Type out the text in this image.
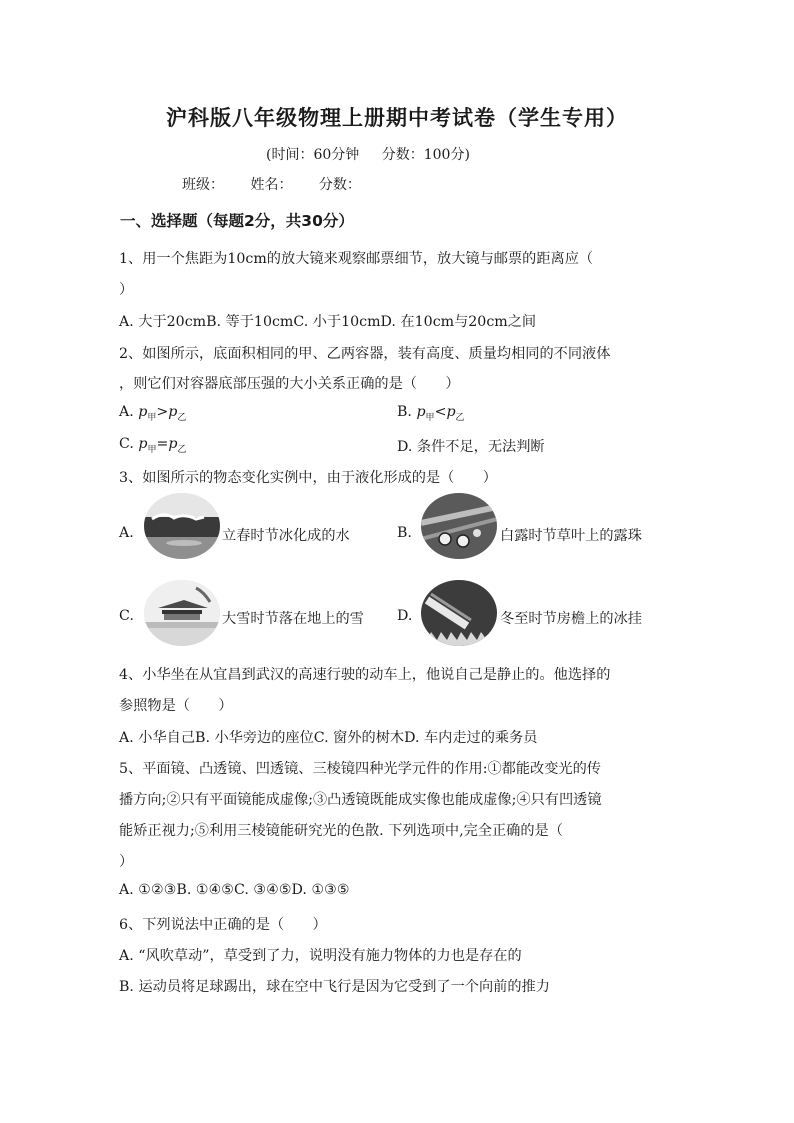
沪科版八年级物理上册期中考试卷（学生专用）
(时间：60分钟 分数：100分)
班级： 姓名： 分数：
一、选择题（每题2分，共30分）
1、用一个焦距为10cm的放大镜来观察邮票细节，放大镜与邮票的距离应（
）
A. 大于20cmB. 等于10cmC. 小于10cmD. 在10cm与20cm之间
2、如图所示，底面积相同的甲、乙两容器，装有高度、质量均相同的不同液体
，则它们对容器底部压强的大小关系正确的是（　　）
A. $p_甲>p_乙$	B. $p_甲<p_乙$
C. $p_甲=p_乙$	D. 条件不足，无法判断
3、如图所示的物态变化实例中，由于液化形成的是（　　）
A.	立春时节冰化成的水	B.	白露时节草叶上的露珠
C.	大雪时节落在地上的雪 D.	冬至时节房檐上的冰挂
4、小华坐在从宜昌到武汉的高速行驶的动车上，他说自己是静止的。他选择的
参照物是（　　）
A. 小华自己B. 小华旁边的座位C. 窗外的树木D. 车内走过的乘务员
5、平面镜、凸透镜、凹透镜、三棱镜四种光学元件的作用:①都能改变光的传
播方向;②只有平面镜能成虚像;③凸透镜既能成实像也能成虚像;④只有凹透镜
能矫正视力;⑤利用三棱镜能研究光的色散. 下列选项中,完全正确的是（
）
A. ①②③B. ①④⑤C. ③④⑤D. ①③⑤
6、下列说法中正确的是（　　）
A. “风吹草动”，草受到了力，说明没有施力物体的力也是存在的
B. 运动员将足球踢出，球在空中飞行是因为它受到了一个向前的推力
